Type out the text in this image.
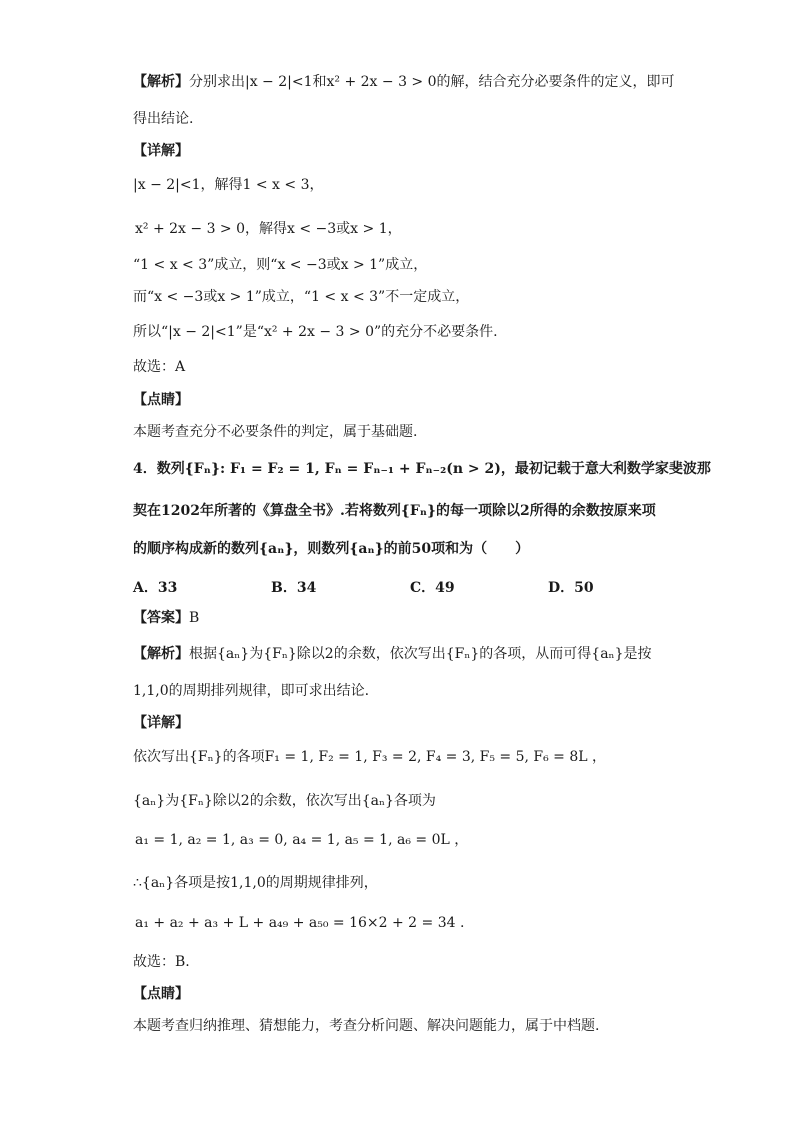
【解析】分别求出|x − 2|<1和x² + 2x − 3 > 0的解，结合充分必要条件的定义，即可
得出结论.
【详解】
|x − 2|<1，解得1 < x < 3，
x² + 2x − 3 > 0，解得x < −3或x > 1，
“1 < x < 3”成立，则“x < −3或x > 1”成立，
而“x < −3或x > 1”成立，“1 < x < 3”不一定成立，
所以“|x − 2|<1”是“x² + 2x − 3 > 0”的充分不必要条件.
故选：A
【点睛】
本题考查充分不必要条件的判定，属于基础题.
4．数列{Fₙ}: F₁ = F₂ = 1, Fₙ = Fₙ₋₁ + Fₙ₋₂(n > 2)，最初记载于意大利数学家斐波那
契在1202年所著的《算盘全书》.若将数列{Fₙ}的每一项除以2所得的余数按原来项
的顺序构成新的数列{aₙ}，则数列{aₙ}的前50项和为（　　）
A．33	B．34	C．49	D．50
【答案】B
【解析】根据{aₙ}为{Fₙ}除以2的余数，依次写出{Fₙ}的各项，从而可得{aₙ}是按
1,1,0的周期排列规律，即可求出结论.
【详解】
依次写出{Fₙ}的各项F₁ = 1, F₂ = 1, F₃ = 2, F₄ = 3, F₅ = 5, F₆ = 8L ，
{aₙ}为{Fₙ}除以2的余数，依次写出{aₙ}各项为
a₁ = 1, a₂ = 1, a₃ = 0, a₄ = 1, a₅ = 1, a₆ = 0L ，
∴{aₙ}各项是按1,1,0的周期规律排列，
a₁ + a₂ + a₃ + L + a₄₉ + a₅₀ = 16×2 + 2 = 34 .
故选：B.
【点睛】
本题考查归纳推理、猜想能力，考查分析问题、解决问题能力，属于中档题.
